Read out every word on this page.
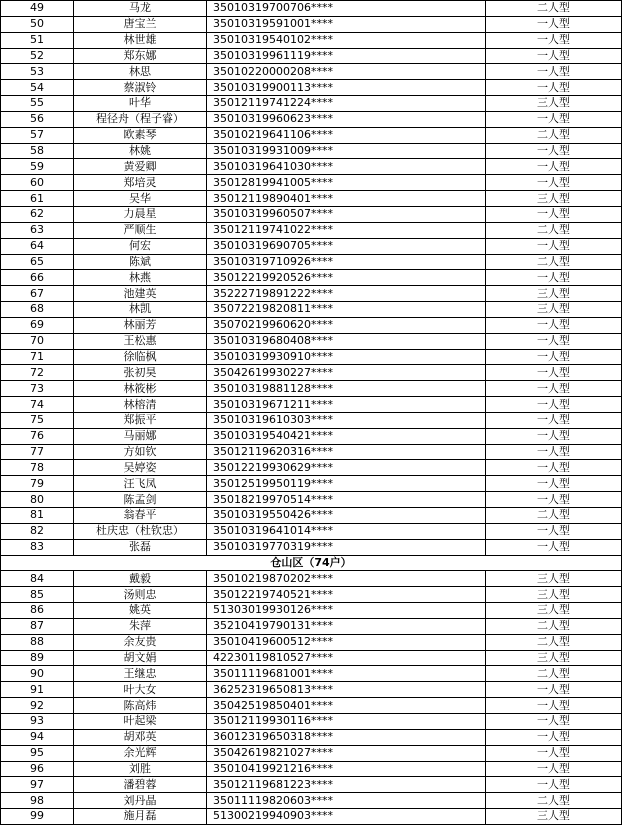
49	马龙	35010319700706****	二人型
50	唐宝兰	35010319591001****	一人型
51	林世雄	35010319540102****	一人型
52	郑东娜	35010319961119****	一人型
53	林思	35010220000208****	一人型
54	蔡淑铃	35010319900113****	一人型
55	叶华	35012119741224****	三人型
56	程径舟（程子睿）	35010319960623****	一人型
57	欧素琴	35010219641106****	二人型
58	林姚	35010319931009****	一人型
59	黄爱卿	35010319641030****	一人型
60	郑培灵	35012819941005****	一人型
61	吴华	35012119890401****	三人型
62	力晨星	35010319960507****	一人型
63	严顺生	35012119741022****	二人型
64	何宏	35010319690705****	一人型
65	陈斌	35010319710926****	二人型
66	林燕	35012219920526****	一人型
67	池建英	35222719891222****	三人型
68	林凯	35072219820811****	三人型
69	林丽芳	35070219960620****	一人型
70	王松惠	35010319680408****	一人型
71	徐临枫	35010319930910****	一人型
72	张初昊	35042619930227****	一人型
73	林筱彬	35010319881128****	一人型
74	林榕清	35010319671211****	一人型
75	郑振平	35010319610303****	一人型
76	马丽娜	35010319540421****	一人型
77	方如钦	35012119620316****	一人型
78	吴婷姿	35012219930629****	一人型
79	汪飞凤	35012519950119****	一人型
80	陈孟剑	35018219970514****	一人型
81	翁春平	35010319550426****	二人型
82	杜庆忠（杜钦忠）	35010319641014****	一人型
83	张磊	35010319770319****	一人型
仓山区（74户）			
84	戴毅	35010219870202****	三人型
85	汤则忠	35012219740521****	三人型
86	姚英	51303019930126****	三人型
87	朱萍	35210419790131****	二人型
88	余友贵	35010419600512****	二人型
89	胡文娟	42230119810527****	三人型
90	王继忠	35011119681001****	二人型
91	叶大女	36252319650813****	一人型
92	陈高炜	35042519850401****	一人型
93	叶起梁	35012119930116****	一人型
94	胡邓英	36012319650318****	一人型
95	余光辉	35042619821027****	一人型
96	刘胜	35010419921216****	一人型
97	潘碧蓉	35012119681223****	一人型
98	刘丹晶	35011119820603****	二人型
99	施月磊	51300219940903****	三人型
